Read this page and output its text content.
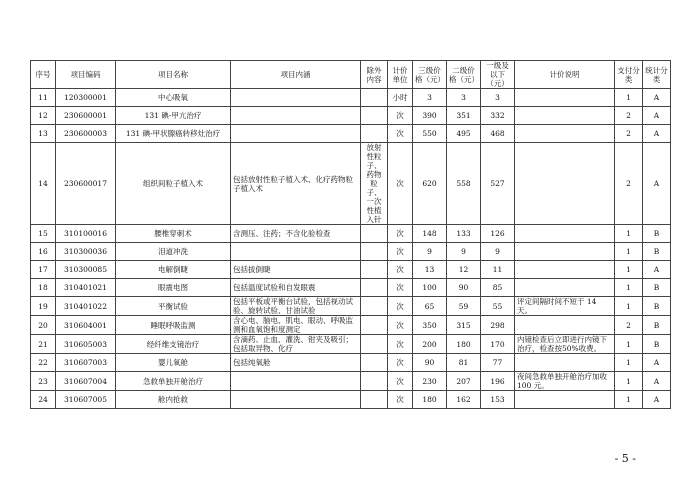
序号	项目编码	项目名称	项目内涵	除外内容	计价单位	三级价格（元）	二级价格（元）	一级及以下（元）	计价说明	支付分类	统计分类
11	120300001	中心吸氧			小时	3	3	3		1	A
12	230600001	131 碘-甲亢治疗			次	390	351	332		2	A
13	230600003	131 碘-甲状腺癌转移灶治疗			次	550	495	468		2	A
14	230600017	组织间粒子植入术	包括放射性粒子植入术、化疗药物粒子植入术	放射性粒子、药物粒子、一次性植入针	次	620	558	527		2	A
15	310100016	腰椎穿刺术	含测压、注药；不含化验检查		次	148	133	126		1	B
16	310300036	泪道冲洗			次	9	9	9		1	B
17	310300085	电解倒睫	包括拔倒睫		次	13	12	11		1	A
18	310401021	眼震电图	包括温度试验和自发眼震		次	100	90	85		1	B
19	310401022	平衡试验	包括平板或平衡台试验，包括视动试验、旋转试验、甘油试验		次	65	59	55	评定间隔时间不短于 14 天。	1	B
20	310604001	睡眠呼吸监测	含心电、脑电、肌电、眼动、呼吸监测和血氧饱和度测定		次	350	315	298		2	B
21	310605003	经纤维支镜治疗	含滴药、止血、灌洗、钳夹及吸引；包括取异物、化疗		次	200	180	170	内镜检查后立即进行内镜下治疗，检查按50%收费。	1	B
22	310607003	婴儿氧舱	包括纯氧舱		次	90	81	77		1	A
23	310607004	急救单独开舱治疗			次	230	207	196	夜间急救单独开舱治疗加收 100 元。	1	A
24	310607005	舱内抢救			次	180	162	153		1	A
- 5 -
